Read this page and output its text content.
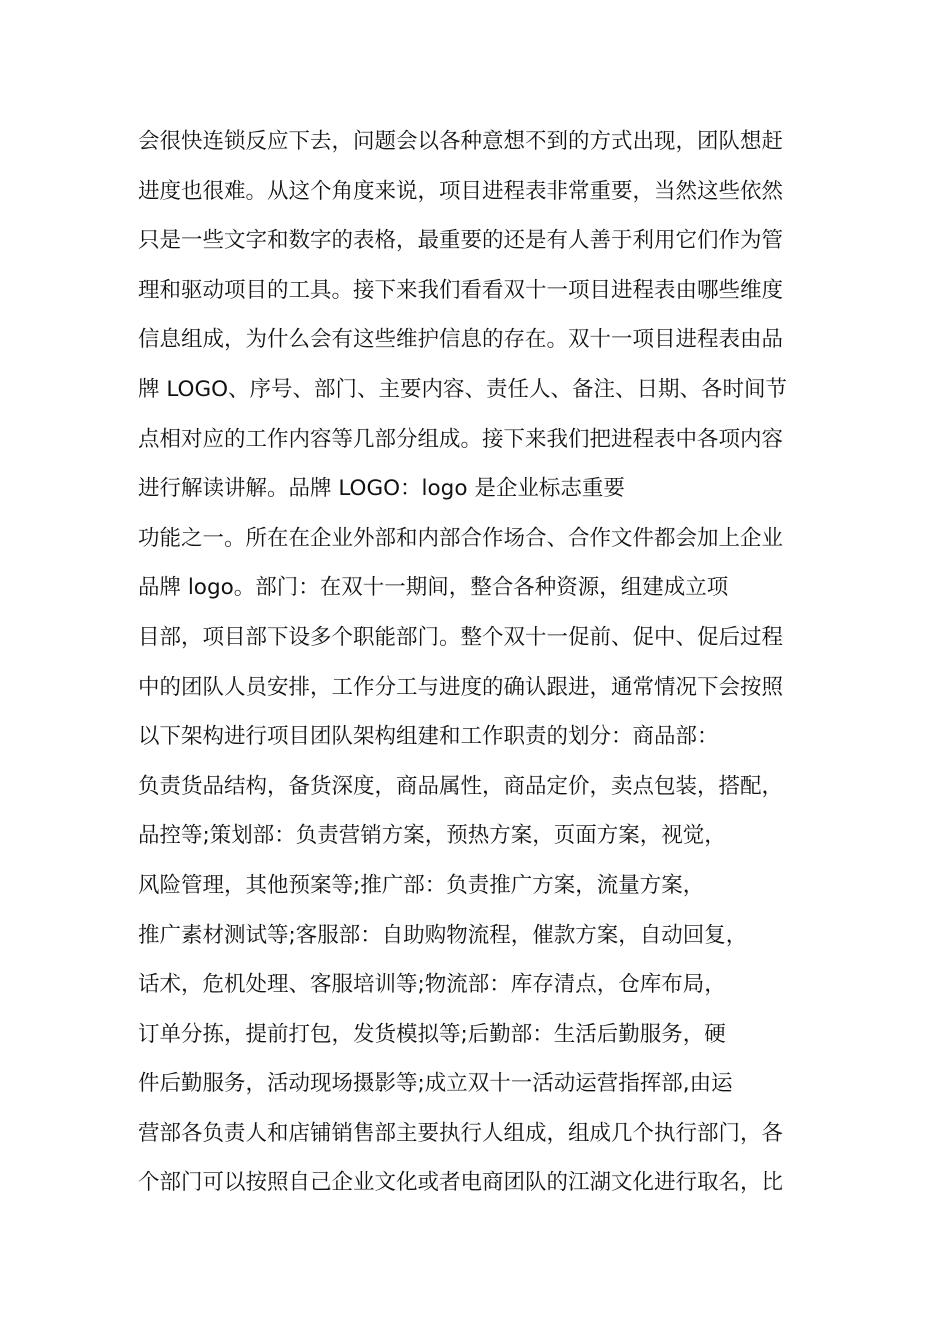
会很快连锁反应下去，问题会以各种意想不到的方式出现，团队想赶
进度也很难。从这个角度来说，项目进程表非常重要，当然这些依然
只是一些文字和数字的表格，最重要的还是有人善于利用它们作为管
理和驱动项目的工具。接下来我们看看双十一项目进程表由哪些维度
信息组成，为什么会有这些维护信息的存在。双十一项目进程表由品
牌 LOGO、序号、部门、主要内容、责任人、备注、日期、各时间节
点相对应的工作内容等几部分组成。接下来我们把进程表中各项内容
进行解读讲解。品牌 LOGO：logo 是企业标志重要
功能之一。所在在企业外部和内部合作场合、合作文件都会加上企业
品牌 logo。部门：在双十一期间，整合各种资源，组建成立项
目部，项目部下设多个职能部门。整个双十一促前、促中、促后过程
中的团队人员安排，工作分工与进度的确认跟进，通常情况下会按照
以下架构进行项目团队架构组建和工作职责的划分：商品部：
负责货品结构，备货深度，商品属性，商品定价，卖点包装，搭配，
品控等;策划部：负责营销方案，预热方案，页面方案，视觉，
风险管理，其他预案等;推广部：负责推广方案，流量方案，
推广素材测试等;客服部：自助购物流程，催款方案，自动回复，
话术，危机处理、客服培训等;物流部：库存清点，仓库布局，
订单分拣，提前打包，发货模拟等;后勤部：生活后勤服务，硬
件后勤服务，活动现场摄影等;成立双十一活动运营指挥部,由运
营部各负责人和店铺销售部主要执行人组成，组成几个执行部门，各
个部门可以按照自己企业文化或者电商团队的江湖文化进行取名，比
